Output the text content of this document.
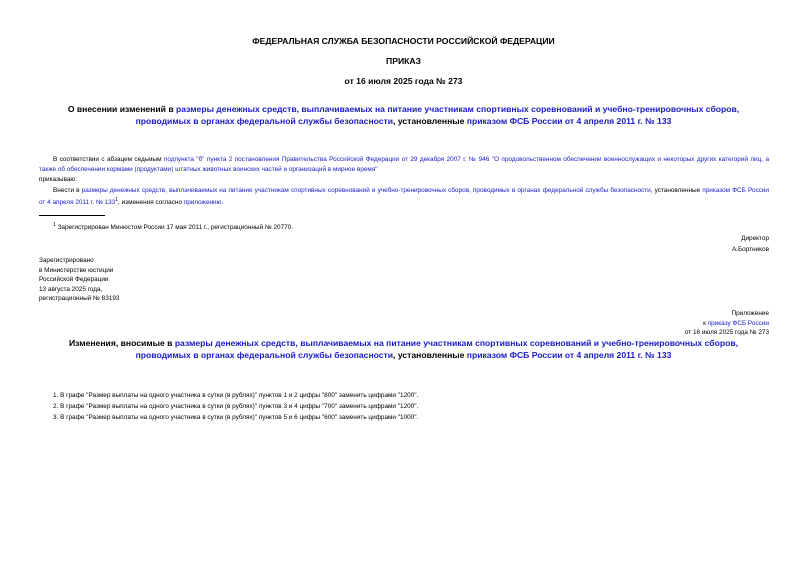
ФЕДЕРАЛЬНАЯ СЛУЖБА БЕЗОПАСНОСТИ РОССИЙСКОЙ ФЕДЕРАЦИИ
ПРИКАЗ
от 16 июля 2025 года № 273
О внесении изменений в размеры денежных средств, выплачиваемых на питание участникам спортивных соревнований и учебно-тренировочных сборов,
проводимых в органах федеральной службы безопасности, установленные приказом ФСБ России от 4 апреля 2011 г. № 133
В соответствии с абзацем седьмым подпункта "б" пункта 2 постановления Правительства Российской Федерации от 29 декабря 2007 г. № 946 "О продовольственном обеспечении военнослужащих и некоторых других категорий лиц, а также об обеспечении кормами (продуктами) штатных животных воинских частей и организаций в мирное время"
приказываю:
Внести в размеры денежных средств, выплачиваемых на питание участникам спортивных соревнований и учебно-тренировочных сборов, проводимых в органах федеральной службы безопасности, установленные приказом ФСБ России от 4 апреля 2011 г. № $133^1$, изменения согласно приложению.
$^1$ Зарегистрирован Минюстом России 17 мая 2011 г., регистрационный № 20770.
Директор
А.Бортников
Зарегистрировано
в Министерстве юстиции
Российской Федерации
13 августа 2025 года,
регистрационный № 83193
Приложение
к приказу ФСБ России
от 16 июля 2025 года № 273
Изменения, вносимые в размеры денежных средств, выплачиваемых на питание участникам спортивных соревнований и учебно-тренировочных сборов,
проводимых в органах федеральной службы безопасности, установленные приказом ФСБ России от 4 апреля 2011 г. № 133
1. В графе "Размер выплаты на одного участника в сутки (в рублях)" пунктов 1 и 2 цифры "800" заменить цифрами "1200".
2. В графе "Размер выплаты на одного участника в сутки (в рублях)" пунктов 3 и 4 цифры "700" заменить цифрами "1200".
3. В графе "Размер выплаты на одного участника в сутки (в рублях)" пунктов 5 и 6 цифры "600" заменить цифрами "1000".
